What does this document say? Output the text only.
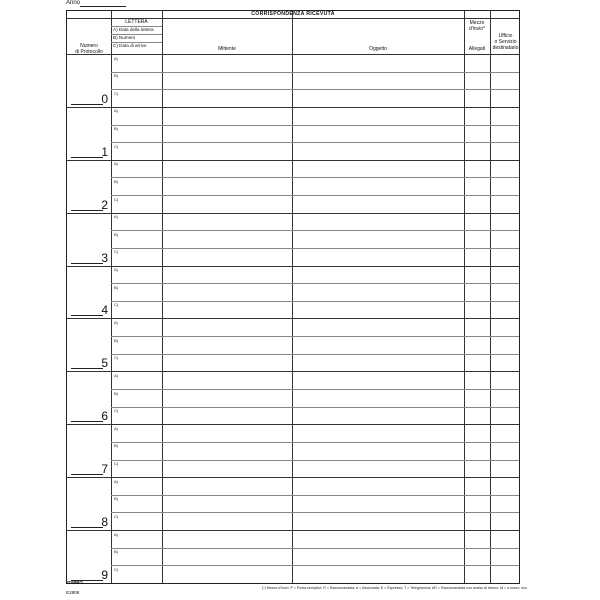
Anno
CORRISPONDENZA RICEVUTA
Numero
di Protocollo
LETTERA
A) Data della lettera
B) Numero
C) Data di arrivo
Mittente	Oggetto
Mezzo
d'invio*
Allegati
Ufficio
o Servizio
destinatario
A)
B)
C)
0
A)
B)
C)
1
A)
B)
C)
2
A)
B)
C)
3
A)
B)
C)
4
A)
B)
C)
5
A)
B)
C)
6
A)
B)
C)
7
A)
B)
C)
8
A)
B)
C)
9
EDIPRO
E2806
(*) Mezzo d'invio: P = Posta semplice; R = Raccomandata; A = Assicurata; E = Espresso; T = Telegramma; AR = Raccomandata con avviso di ritorno; M = a mano; ecc.
